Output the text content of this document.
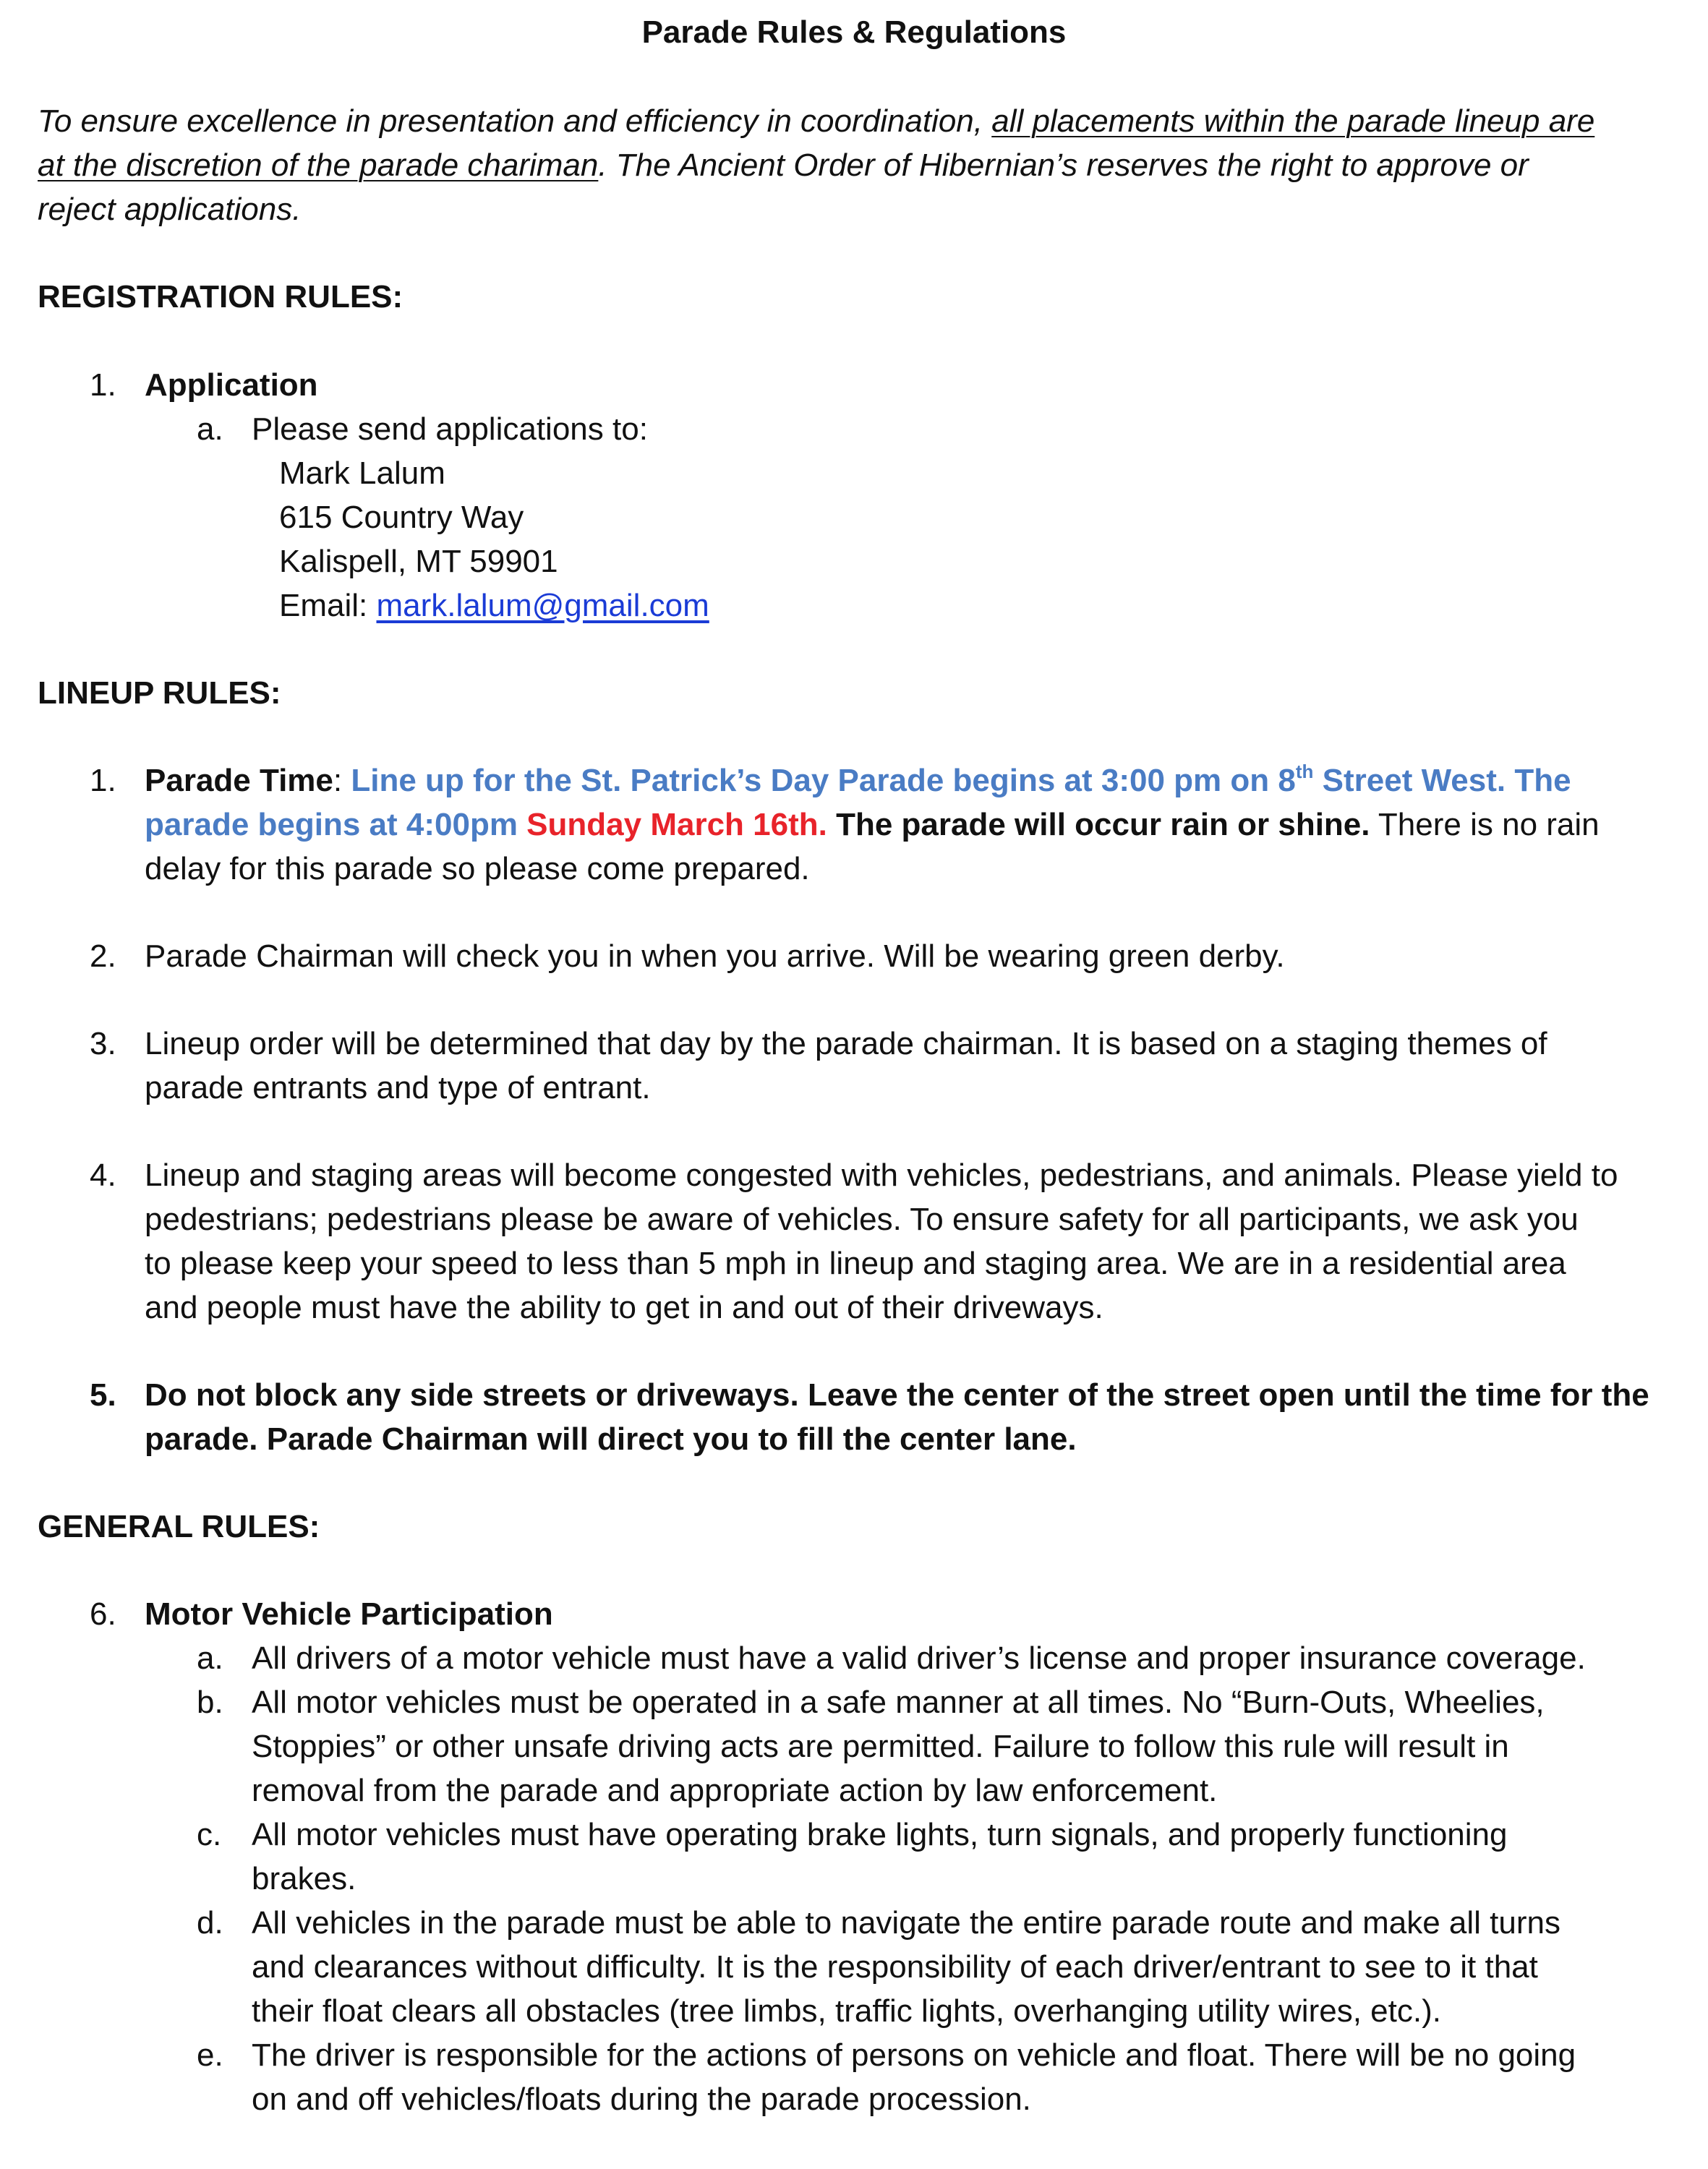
Parade Rules & Regulations
To ensure excellence in presentation and efficiency in coordination, all placements within the parade lineup are
at the discretion of the parade chariman. The Ancient Order of Hibernian’s reserves the right to approve or
reject applications.
REGISTRATION RULES:
1. Application
a. Please send applications to:
Mark Lalum
615 Country Way
Kalispell, MT 59901
Email: mark.lalum@gmail.com
LINEUP RULES:
1. Parade Time: Line up for the St. Patrick’s Day Parade begins at 3:00 pm on 8th Street West. The
parade begins at 4:00pm Sunday March 16th. The parade will occur rain or shine. There is no rain
delay for this parade so please come prepared.
2. Parade Chairman will check you in when you arrive. Will be wearing green derby.
3. Lineup order will be determined that day by the parade chairman. It is based on a staging themes of
parade entrants and type of entrant.
4. Lineup and staging areas will become congested with vehicles, pedestrians, and animals. Please yield to
pedestrians; pedestrians please be aware of vehicles. To ensure safety for all participants, we ask you
to please keep your speed to less than 5 mph in lineup and staging area. We are in a residential area
and people must have the ability to get in and out of their driveways.
5. Do not block any side streets or driveways. Leave the center of the street open until the time for the
parade. Parade Chairman will direct you to fill the center lane.
GENERAL RULES:
6. Motor Vehicle Participation
a. All drivers of a motor vehicle must have a valid driver’s license and proper insurance coverage.
b. All motor vehicles must be operated in a safe manner at all times. No “Burn-Outs, Wheelies,
Stoppies” or other unsafe driving acts are permitted. Failure to follow this rule will result in
removal from the parade and appropriate action by law enforcement.
c. All motor vehicles must have operating brake lights, turn signals, and properly functioning
brakes.
d. All vehicles in the parade must be able to navigate the entire parade route and make all turns
and clearances without difficulty. It is the responsibility of each driver/entrant to see to it that
their float clears all obstacles (tree limbs, traffic lights, overhanging utility wires, etc.).
e. The driver is responsible for the actions of persons on vehicle and float. There will be no going
on and off vehicles/floats during the parade procession.
